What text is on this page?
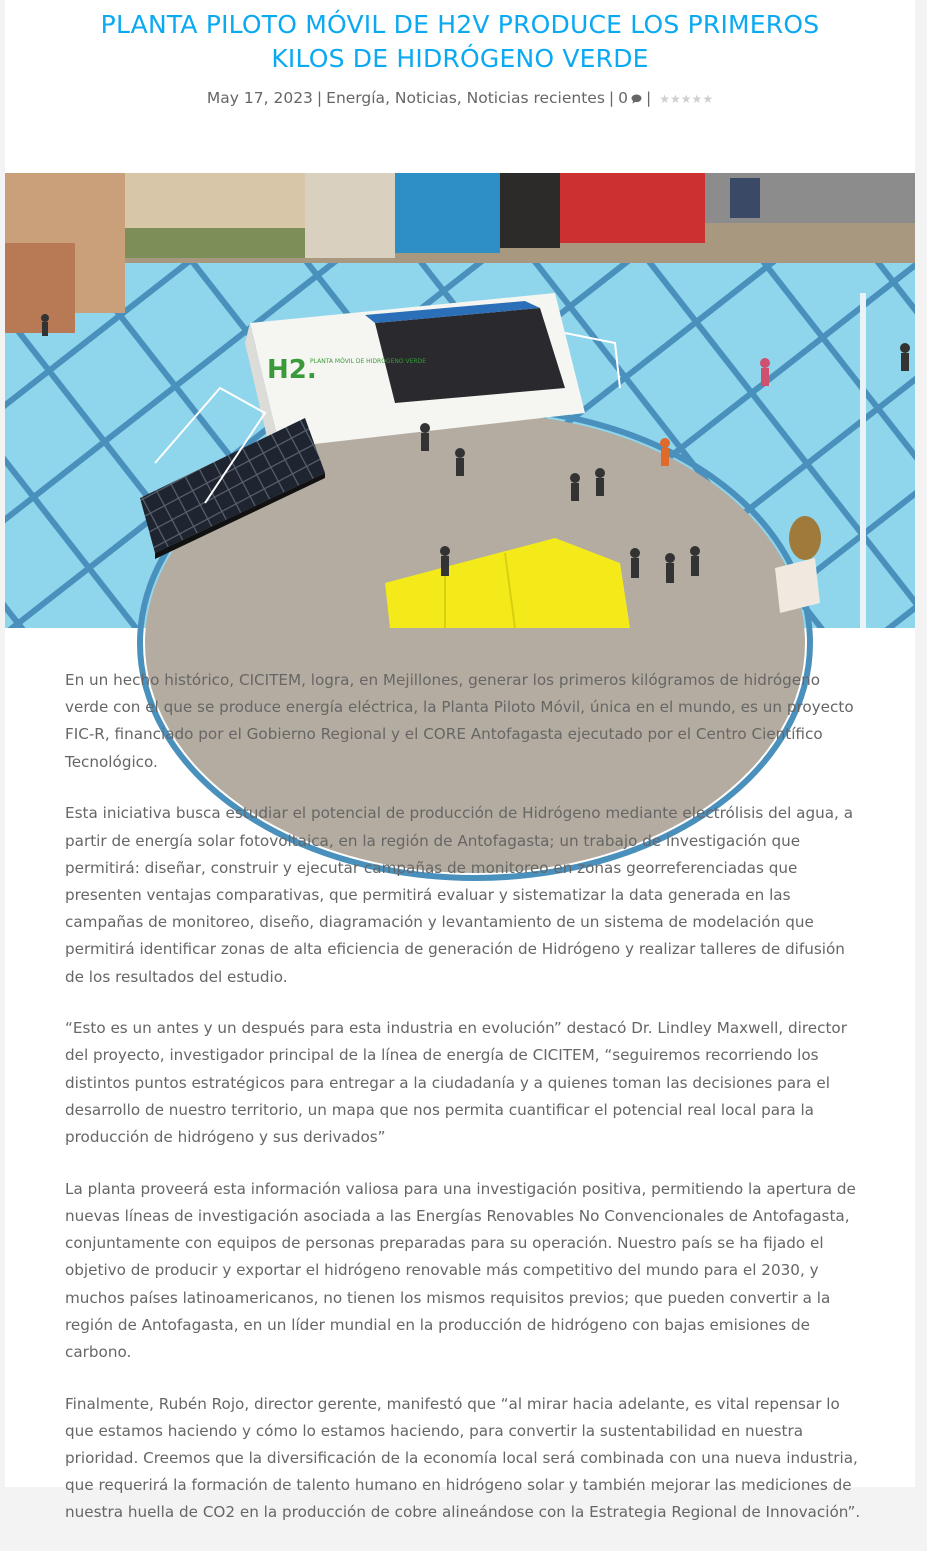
PLANTA PILOTO MÓVIL DE H2V PRODUCE LOS PRIMEROS
KILOS DE HIDRÓGENO VERDE
May 17, 2023 | Energía, Noticias, Noticias recientes | 0 | ★★★★★
H2.
PLANTA MÓVIL DE HIDRÓGENO VERDE

En un hecho histórico, CICITEM, logra, en Mejillones, generar los primeros kilógramos de hidrógeno verde con el que se produce energía eléctrica, la Planta Piloto Móvil, única en el mundo, es un proyecto FIC-R, financiado por el Gobierno Regional y el CORE Antofagasta ejecutado por el Centro Científico Tecnológico.

Esta iniciativa busca estudiar el potencial de producción de Hidrógeno mediante electrólisis del agua, a partir de energía solar fotovoltaica, en la región de Antofagasta; un trabajo de investigación que permitirá: diseñar, construir y ejecutar campañas de monitoreo en zonas georreferenciadas que presenten ventajas comparativas, que permitirá evaluar y sistematizar la data generada en las campañas de monitoreo, diseño, diagramación y levantamiento de un sistema de modelación que permitirá identificar zonas de alta eficiencia de generación de Hidrógeno y realizar talleres de difusión de los resultados del estudio.

“Esto es un antes y un después para esta industria en evolución” destacó Dr. Lindley Maxwell, director del proyecto, investigador principal de la línea de energía de CICITEM, “seguiremos recorriendo los distintos puntos estratégicos para entregar a la ciudadanía y a quienes toman las decisiones para el desarrollo de nuestro territorio, un mapa que nos permita cuantificar el potencial real local para la producción de hidrógeno y sus derivados”

La planta proveerá esta información valiosa para una investigación positiva, permitiendo la apertura de nuevas líneas de investigación asociada a las Energías Renovables No Convencionales de Antofagasta, conjuntamente con equipos de personas preparadas para su operación. Nuestro país se ha fijado el objetivo de producir y exportar el hidrógeno renovable más competitivo del mundo para el 2030, y muchos países latinoamericanos, no tienen los mismos requisitos previos; que pueden convertir a la región de Antofagasta, en un líder mundial en la producción de hidrógeno con bajas emisiones de carbono.

Finalmente, Rubén Rojo, director gerente, manifestó que “al mirar hacia adelante, es vital repensar lo que estamos haciendo y cómo lo estamos haciendo, para convertir la sustentabilidad en nuestra prioridad. Creemos que la diversificación de la economía local será combinada con una nueva industria, que requerirá la formación de talento humano en hidrógeno solar y también mejorar las mediciones de nuestra huella de CO2 en la producción de cobre alineándose con la Estrategia Regional de Innovación”.
